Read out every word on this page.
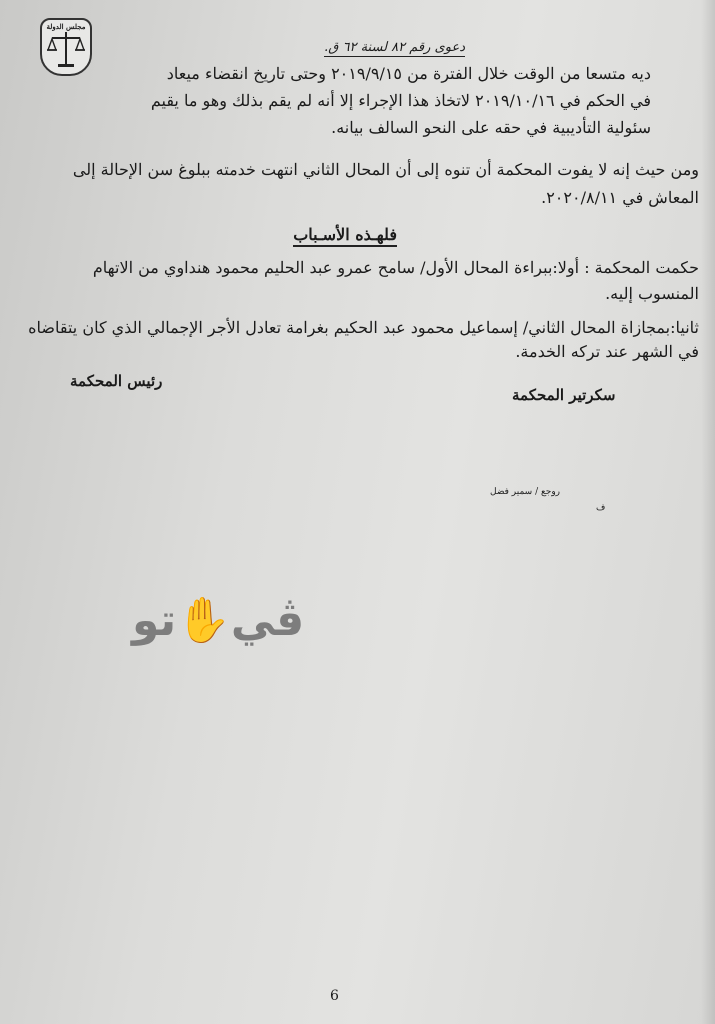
مجلس الدولة
دعوى رقم ٨٢ لسنة ٦٢ ق.
ديه متسعا من الوقت خلال الفترة من ٢٠١٩/٩/١٥ وحتى تاريخ انقضاء ميعاد
في الحكم في ٢٠١٩/١٠/١٦ لاتخاذ هذا الإجراء إلا أنه لم يقم بذلك وهو ما يقيم
سئولية التأديبية في حقه على النحو السالف بيانه.
ومن حيث إنه لا يفوت المحكمة أن تنوه إلى أن المحال الثاني انتهت خدمته ببلوغ سن الإحالة إلى
المعاش في ٢٠٢٠/٨/١١.
فلهـذه الأسـباب
حكمت المحكمة : أولا:ببراءة المحال الأول/ سامح عمرو عبد الحليم محمود هنداوي من الاتهام
المنسوب إليه.
ثانيا:بمجازاة المحال الثاني/ إسماعيل محمود عبد الحكيم بغرامة تعادل الأجر الإجمالي الذي كان يتقاضاه
في الشهر عند تركه الخدمة.
رئيس المحكمة
سكرتير المحكمة
روجع / سمير فضل
ف
ڤي✋تو
6
